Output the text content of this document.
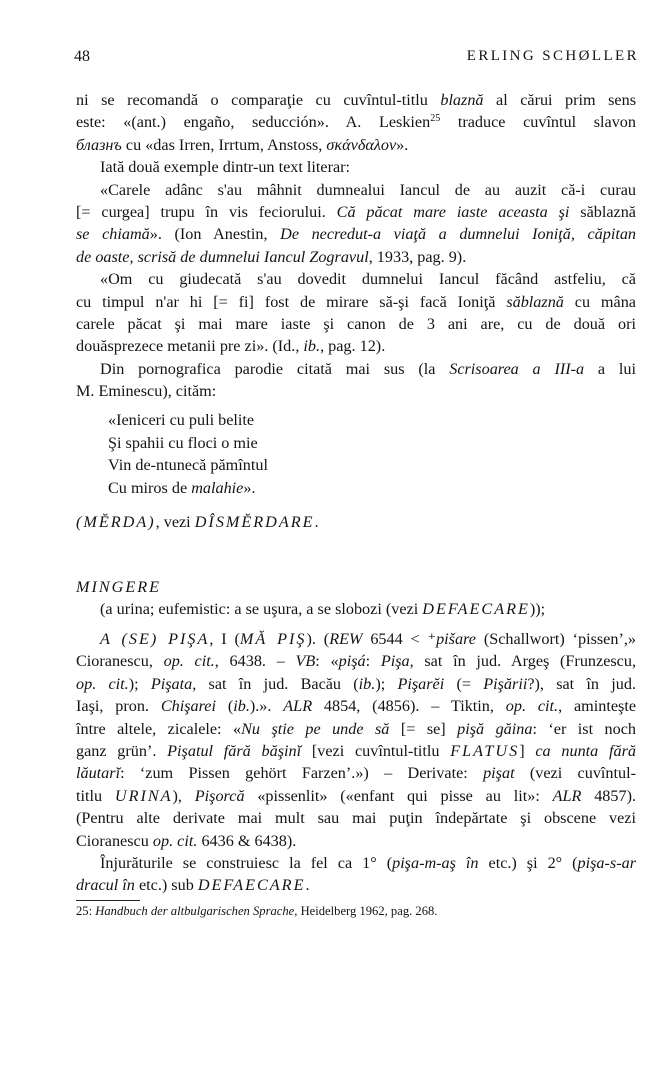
48	ERLING SCHØLLER
ni se recomandă o comparaţie cu cuvîntul-titlu blaznă al cărui prim sens
este: «(ant.) engaño, seducción». A. Leskien$^{25}$ traduce cuvîntul slavon
блазнъ cu «das Irren, Irrtum, Anstoss, σκάνδαλον».
Iată două exemple dintr-un text literar:
«Carele adânc s'au mâhnit dumnealui Iancul de au auzit că-i curau
[= curgea] trupu în vis feciorului. Că păcat mare iaste aceasta şi săblaznă
se chiamă». (Ion Anestin, De necredut-a viaţă a dumnelui Ioniţă, căpitan
de oaste, scrisă de dumnelui Iancul Zogravul, 1933, pag. 9).
«Om cu giudecată s'au dovedit dumnelui Iancul făcând astfeliu, că
cu timpul n'ar hi [= fi] fost de mirare să-şi facă Ioniţă săblaznă cu mâna
carele păcat şi mai mare iaste şi canon de 3 ani are, cu de două ori
douăsprezece metanii pre zi». (Id., ib., pag. 12).
Din pornografica parodie citată mai sus (la Scrisoarea a III-a a lui
M. Eminescu), cităm:
«Ieniceri cu puli belite
Şi spahii cu floci o mie
Vin de-ntunecă pămîntul
Cu miros de malahie».
(MĔRDA), vezi DÎSMĔRDARE.
MINGERE
(a urina; eufemistic: a se uşura, a se slobozi (vezi DEFAECARE));
A (SE) PIŞA, I (MĂ PIŞ). (REW 6544 < ⁺pišare (Schallwort) ‘pissen’,»
Cioranescu, op. cit., 6438. – VB: «pişá: Pişa, sat în jud. Argeş (Frunzescu,
op. cit.); Pişata, sat în jud. Bacău (ib.); Pişarĕi (= Pişării?), sat în jud.
Iaşi, pron. Chişarei (ib.).». ALR 4854, (4856). – Tiktin, op. cit., aminteşte
între altele, zicalele: «Nu ştie pe unde să [= se] pişă găina: ‘er ist noch
ganz grün’. Pişatul fără băşinĭ [vezi cuvîntul-titlu FLATUS] ca nunta fără
lăutarĭ: ‘zum Pissen gehört Farzen’.») – Derivate: pişat (vezi cuvîntul-
titlu URINA), Pişorcă «pissenlit» («enfant qui pisse au lit»: ALR 4857).
(Pentru alte derivate mai mult sau mai puţin îndepărtate şi obscene vezi
Cioranescu op. cit. 6436 & 6438).
Înjurăturile se construiesc la fel ca 1° (pişa-m-aş în etc.) şi 2° (pişa-s-ar
dracul în etc.) sub DEFAECARE.
25: Handbuch der altbulgarischen Sprache, Heidelberg 1962, pag. 268.
